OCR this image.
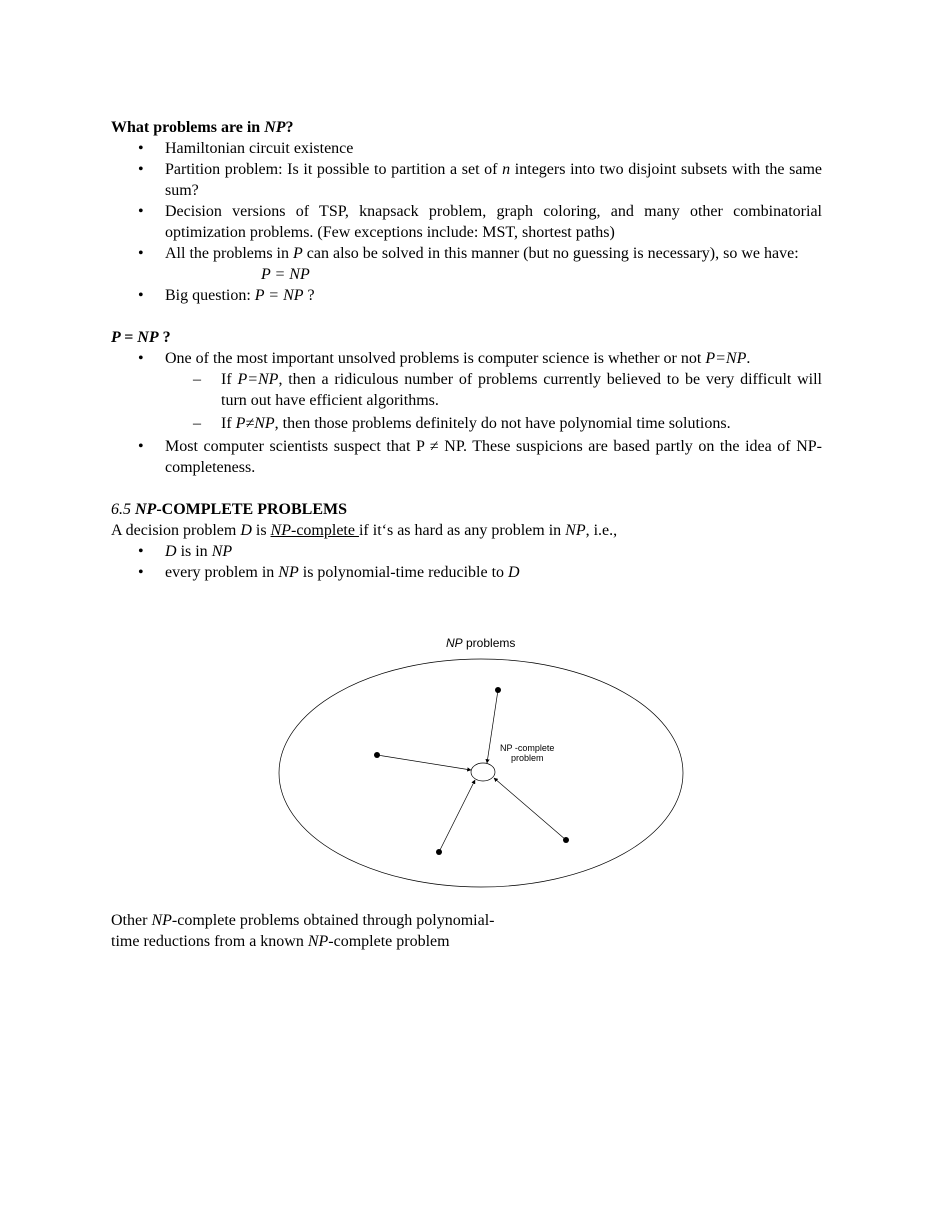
What problems are in NP?

• Hamiltonian circuit existence
• Partition problem: Is it possible to partition a set of n integers into two disjoint subsets with the same sum?
• Decision versions of TSP, knapsack problem, graph coloring, and many other combinatorial optimization problems. (Few exceptions include: MST, shortest paths)
• All the problems in P can also be solved in this manner (but no guessing is necessary), so we have:
P = NP
• Big question: P = NP ?

P = NP ?

• One of the most important unsolved problems is computer science is whether or not P=NP.
– If P=NP, then a ridiculous number of problems currently believed to be very difficult will turn out have efficient algorithms.
– If P≠NP, then those problems definitely do not have polynomial time solutions.
• Most computer scientists suspect that P ≠ NP. These suspicions are based partly on the idea of NP-completeness.

6.5 NP-COMPLETE PROBLEMS

A decision problem D is NP-complete if it‘s as hard as any problem in NP, i.e.,

• D is in NP
• every problem in NP is polynomial-time reducible to D
NP problems
NP -complete
problem
Other NP-complete problems obtained through polynomial-
time reductions from a known NP-complete problem
